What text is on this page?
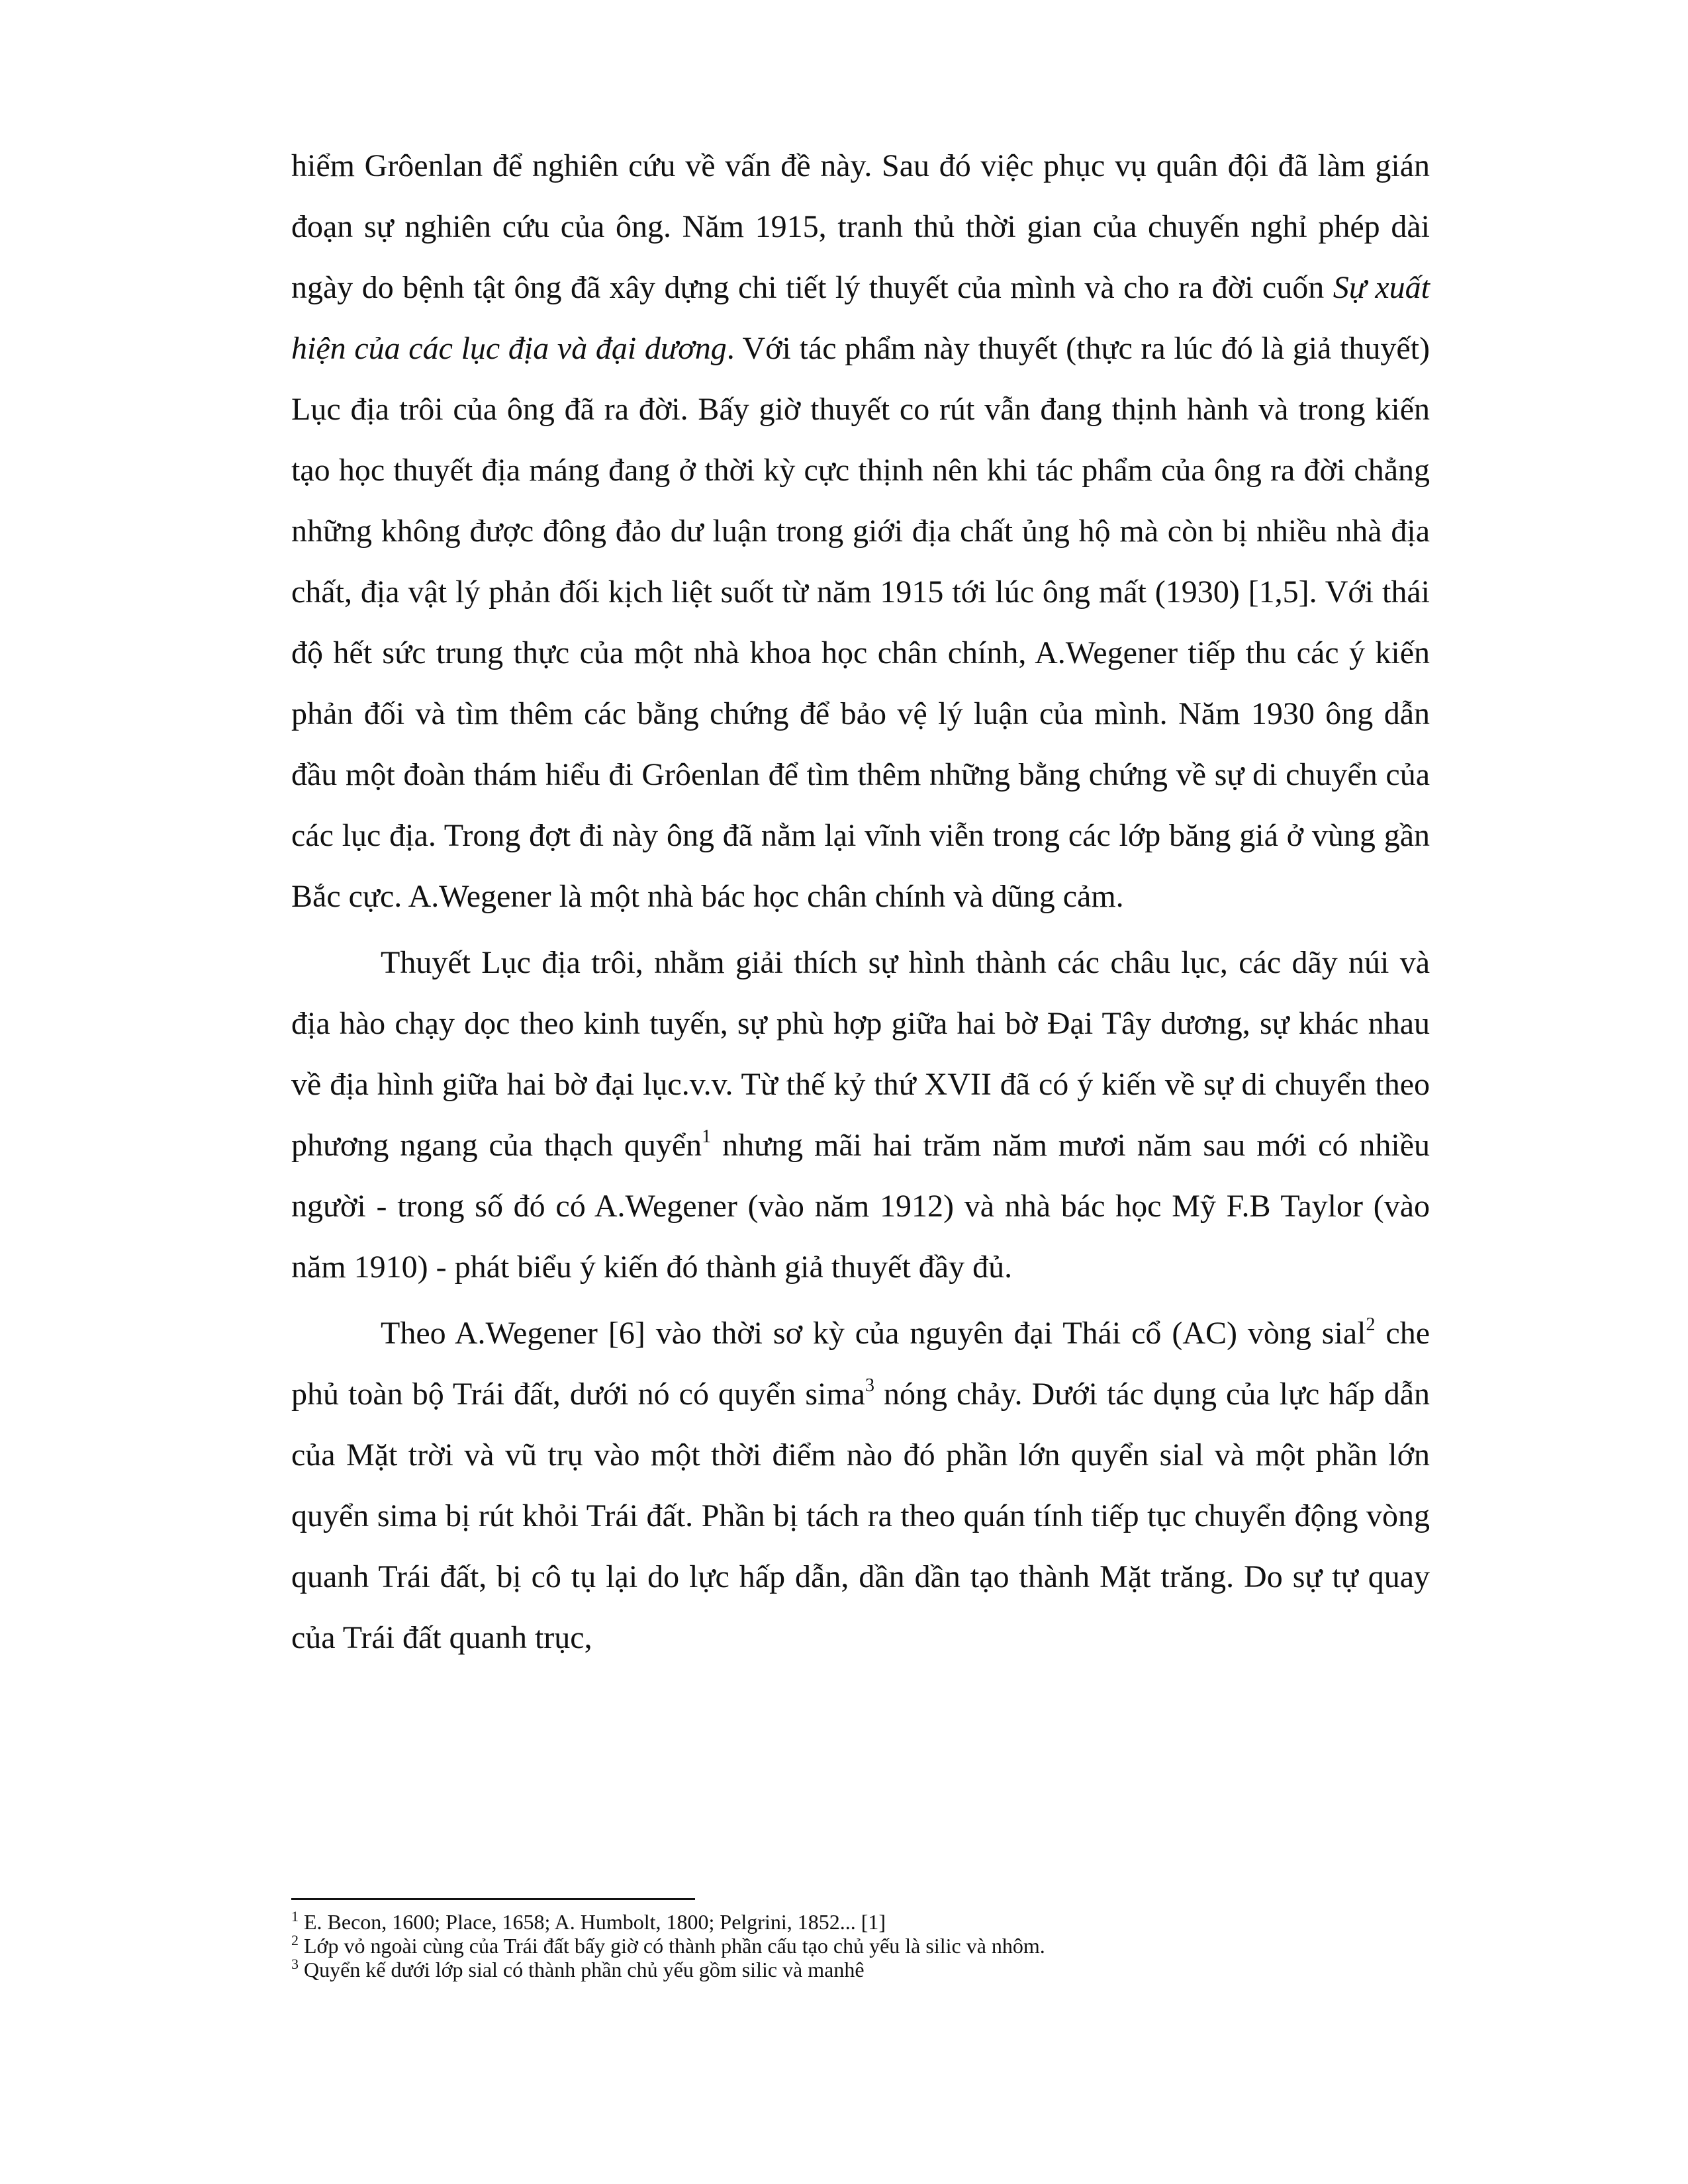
hiểm Grôenlan để nghiên cứu về vấn đề này. Sau đó việc phục vụ quân đội đã làm gián đoạn sự nghiên cứu của ông. Năm 1915, tranh thủ thời gian của chuyến nghỉ phép dài ngày do bệnh tật ông đã xây dựng chi tiết lý thuyết của mình và cho ra đời cuốn Sự xuất hiện của các lục địa và đại dương. Với tác phẩm này thuyết (thực ra lúc đó là giả thuyết) Lục địa trôi của ông đã ra đời. Bấy giờ thuyết co rút vẫn đang thịnh hành và trong kiến tạo học thuyết địa máng đang ở thời kỳ cực thịnh nên khi tác phẩm của ông ra đời chẳng những không được đông đảo dư luận trong giới địa chất ủng hộ mà còn bị nhiều nhà địa chất, địa vật lý phản đối kịch liệt suốt từ năm 1915 tới lúc ông mất (1930) [1,5]. Với thái độ hết sức trung thực của một nhà khoa học chân chính, A.Wegener tiếp thu các ý kiến phản đối và tìm thêm các bằng chứng để bảo vệ lý luận của mình. Năm 1930 ông dẫn đầu một đoàn thám hiểu đi Grôenlan để tìm thêm những bằng chứng về sự di chuyển của các lục địa. Trong đợt đi này ông đã nằm lại vĩnh viễn trong các lớp băng giá ở vùng gần Bắc cực. A.Wegener là một nhà bác học chân chính và dũng cảm.

Thuyết Lục địa trôi, nhằm giải thích sự hình thành các châu lục, các dãy núi và địa hào chạy dọc theo kinh tuyến, sự phù hợp giữa hai bờ Đại Tây dương, sự khác nhau về địa hình giữa hai bờ đại lục.v.v. Từ thế kỷ thứ XVII đã có ý kiến về sự di chuyển theo phương ngang của thạch quyển$^1$ nhưng mãi hai trăm năm mươi năm sau mới có nhiều người - trong số đó có A.Wegener (vào năm 1912) và nhà bác học Mỹ F.B Taylor (vào năm 1910) - phát biểu ý kiến đó thành giả thuyết đầy đủ.

Theo A.Wegener [6] vào thời sơ kỳ của nguyên đại Thái cổ (AC) vòng sial$^2$ che phủ toàn bộ Trái đất, dưới nó có quyển sima$^3$ nóng chảy. Dưới tác dụng của lực hấp dẫn của Mặt trời và vũ trụ vào một thời điểm nào đó phần lớn quyển sial và một phần lớn quyển sima bị rút khỏi Trái đất. Phần bị tách ra theo quán tính tiếp tục chuyển động vòng quanh Trái đất, bị cô tụ lại do lực hấp dẫn, dần dần tạo thành Mặt trăng. Do sự tự quay của Trái đất quanh trục,

$^1$ E. Becon, 1600; Place, 1658; A. Humbolt, 1800; Pelgrini, 1852... [1]

$^2$ Lớp vỏ ngoài cùng của Trái đất bấy giờ có thành phần cấu tạo chủ yếu là silic và nhôm.

$^3$ Quyển kế dưới lớp sial có thành phần chủ yếu gồm silic và manhê
